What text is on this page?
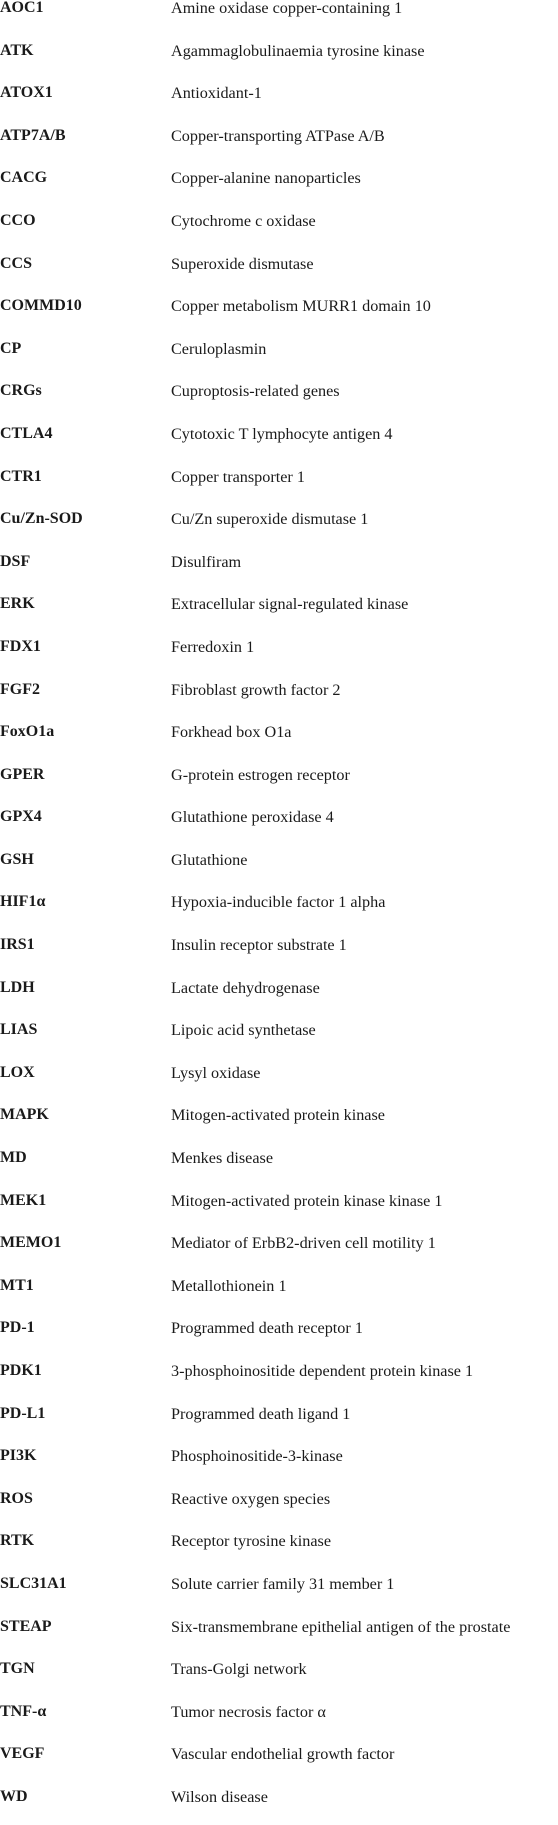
AOC1	Amine oxidase copper-containing 1
ATK	Agammaglobulinaemia tyrosine kinase
ATOX1	Antioxidant-1
ATP7A/B	Copper-transporting ATPase A/B
CACG	Copper-alanine nanoparticles
CCO	Cytochrome c oxidase
CCS	Superoxide dismutase
COMMD10	Copper metabolism MURR1 domain 10
CP	Ceruloplasmin
CRGs	Cuproptosis-related genes
CTLA4	Cytotoxic T lymphocyte antigen 4
CTR1	Copper transporter 1
Cu/Zn-SOD	Cu/Zn superoxide dismutase 1
DSF	Disulfiram
ERK	Extracellular signal-regulated kinase
FDX1	Ferredoxin 1
FGF2	Fibroblast growth factor 2
FoxO1a	Forkhead box O1a
GPER	G-protein estrogen receptor
GPX4	Glutathione peroxidase 4
GSH	Glutathione
HIF1α	Hypoxia-inducible factor 1 alpha
IRS1	Insulin receptor substrate 1
LDH	Lactate dehydrogenase
LIAS	Lipoic acid synthetase
LOX	Lysyl oxidase
MAPK	Mitogen-activated protein kinase
MD	Menkes disease
MEK1	Mitogen-activated protein kinase kinase 1
MEMO1	Mediator of ErbB2-driven cell motility 1
MT1	Metallothionein 1
PD-1	Programmed death receptor 1
PDK1	3-phosphoinositide dependent protein kinase 1
PD-L1	Programmed death ligand 1
PI3K	Phosphoinositide-3-kinase
ROS	Reactive oxygen species
RTK	Receptor tyrosine kinase
SLC31A1	Solute carrier family 31 member 1
STEAP	Six-transmembrane epithelial antigen of the prostate
TGN	Trans-Golgi network
TNF-α	Tumor necrosis factor α
VEGF	Vascular endothelial growth factor
WD	Wilson disease
